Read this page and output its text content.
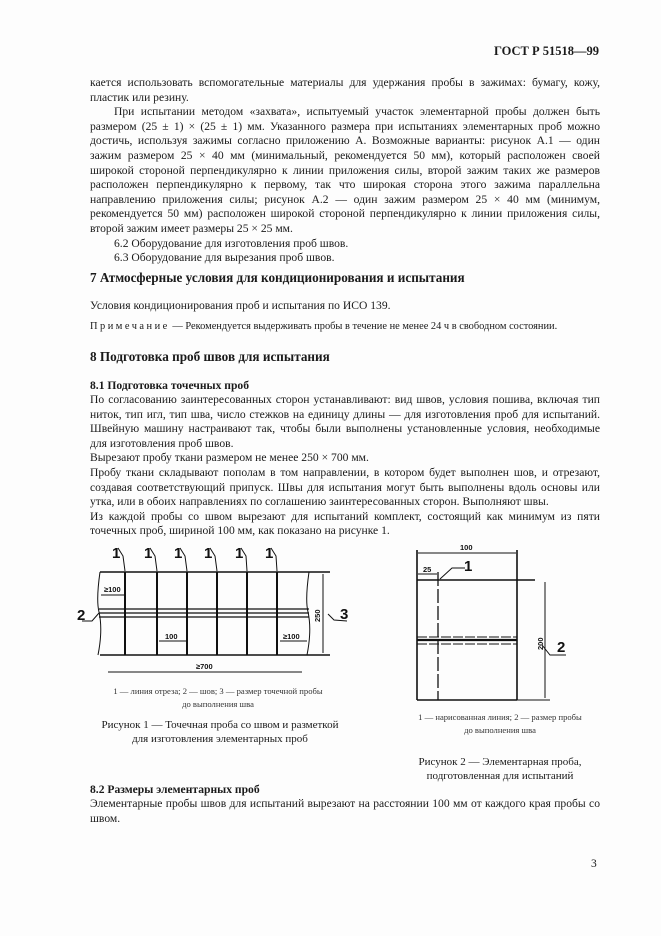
ГОСТ Р 51518—99

кается использовать вспомогательные материалы для удержания пробы в зажимах: бумагу, кожу, пластик или резину.

При испытании методом «захвата», испытуемый участок элементарной пробы должен быть размером (25 ± 1) × (25 ± 1) мм. Указанного размера при испытаниях элементарных проб можно достичь, используя зажимы согласно приложению А. Возможные варианты: рисунок А.1 — один зажим размером 25 × 40 мм (минимальный, рекомендуется 50 мм), который расположен своей широкой стороной перпендикулярно к линии приложения силы, второй зажим таких же размеров расположен перпендикулярно к первому, так что широкая сторона этого зажима параллельна направлению приложения силы; рисунок А.2 — один зажим размером 25 × 40 мм (минимум, рекомендуется 50 мм) расположен широкой стороной перпендикулярно к линии приложения силы, второй зажим имеет размеры 25 × 25 мм.

6.2 Оборудование для изготовления проб швов.

6.3 Оборудование для вырезания проб швов.

7 Атмосферные условия для кондиционирования и испытания

Условия кондиционирования проб и испытания по ИСО 139.

Примечание — Рекомендуется выдерживать пробы в течение не менее 24 ч в свободном состоянии.

8 Подготовка проб швов для испытания
8.1 Подготовка точечных проб

По согласованию заинтересованных сторон устанавливают: вид швов, условия пошива, включая тип ниток, тип игл, тип шва, число стежков на единицу длины — для изготовления проб для испытаний. Швейную машину настраивают так, чтобы были выполнены установленные условия, необходимые для изготовления проб швов.

Вырезают пробу ткани размером не менее 250 × 700 мм.

Пробу ткани складывают пополам в том направлении, в котором будет выполнен шов, и отрезают, создавая соответствующий припуск. Швы для испытания могут быть выполнены вдоль основы или утка, или в обоих направлениях по соглашению заинтересованных сторон. Выполняют швы.

Из каждой пробы со швом вырезают для испытаний комплект, состоящий как минимум из пяти точечных проб, шириной 100 мм, как показано на рисунке 1.

1 1 1 1 1 1
2	3
≥100
100	≥100
≥700
250
1
2
100
25
200
1 — линия отреза; 2 — шов; 3 — размер точечной пробы
до выполнения шва
Рисунок 1 — Точечная проба со швом и разметкой
для изготовления элементарных проб
1 — нарисованная линия; 2 — размер пробы
до выполнения шва
Рисунок 2 — Элементарная проба,
подготовленная для испытаний
8.2 Размеры элементарных проб

Элементарные пробы швов для испытаний вырезают на расстоянии 100 мм от каждого края пробы со швом.

3
